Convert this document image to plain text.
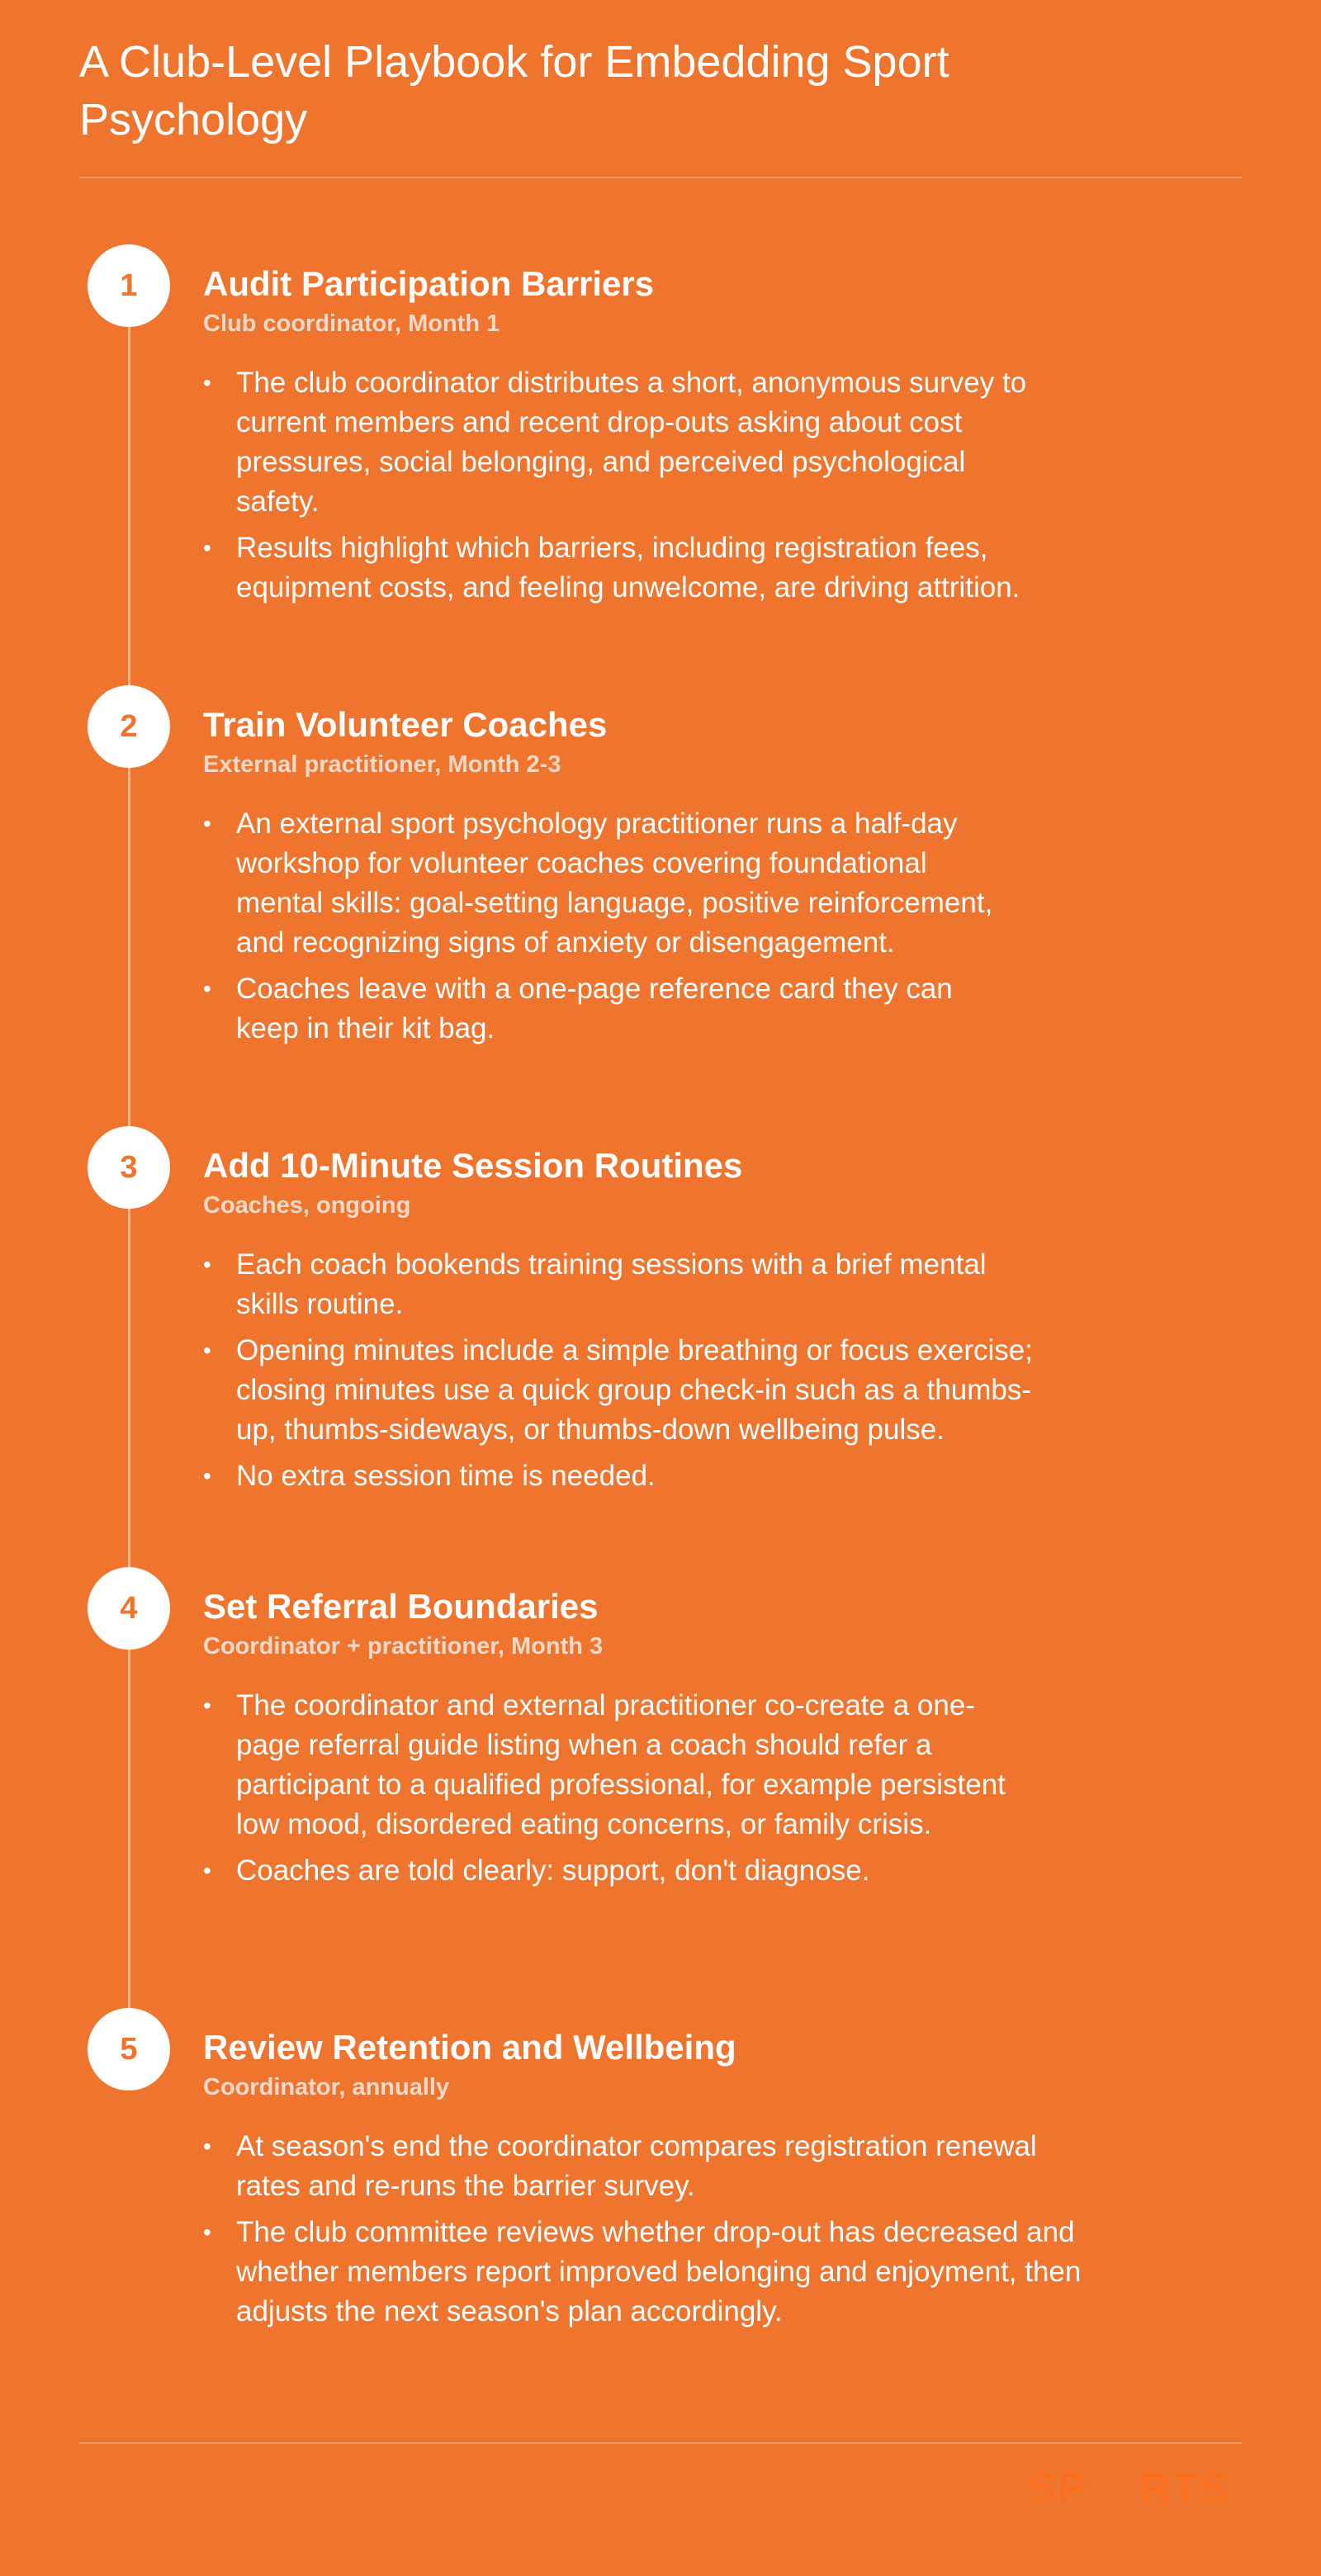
A Club-Level Playbook for Embedding Sport Psychology
1	Audit Participation Barriers

Club coordinator, Month 1

• The club coordinator distributes a short, anonymous survey to current members and recent drop-outs asking about cost pressures, social belonging, and perceived psychological safety.
• Results highlight which barriers, including registration fees, equipment costs, and feeling unwelcome, are driving attrition.
2	Train Volunteer Coaches

External practitioner, Month 2-3

• An external sport psychology practitioner runs a half-day workshop for volunteer coaches covering foundational mental skills: goal-setting language, positive reinforcement, and recognizing signs of anxiety or disengagement.
• Coaches leave with a one-page reference card they can keep in their kit bag.
3	Add 10-Minute Session Routines

Coaches, ongoing

• Each coach bookends training sessions with a brief mental skills routine.
• Opening minutes include a simple breathing or focus exercise; closing minutes use a quick group check-in such as a thumbs-up, thumbs-sideways, or thumbs-down wellbeing pulse.
• No extra session time is needed.
4	Set Referral Boundaries

Coordinator + practitioner, Month 3

• The coordinator and external practitioner co-create a one-page referral guide listing when a coach should refer a participant to a qualified professional, for example persistent low mood, disordered eating concerns, or family crisis.
• Coaches are told clearly: support, don't diagnose.
5	Review Retention and Wellbeing

Coordinator, annually

• At season's end the coordinator compares registration renewal rates and re-runs the barrier survey.
• The club committee reviews whether drop-out has decreased and whether members report improved belonging and enjoyment, then adjusts the next season's plan accordingly.
SP RTS
